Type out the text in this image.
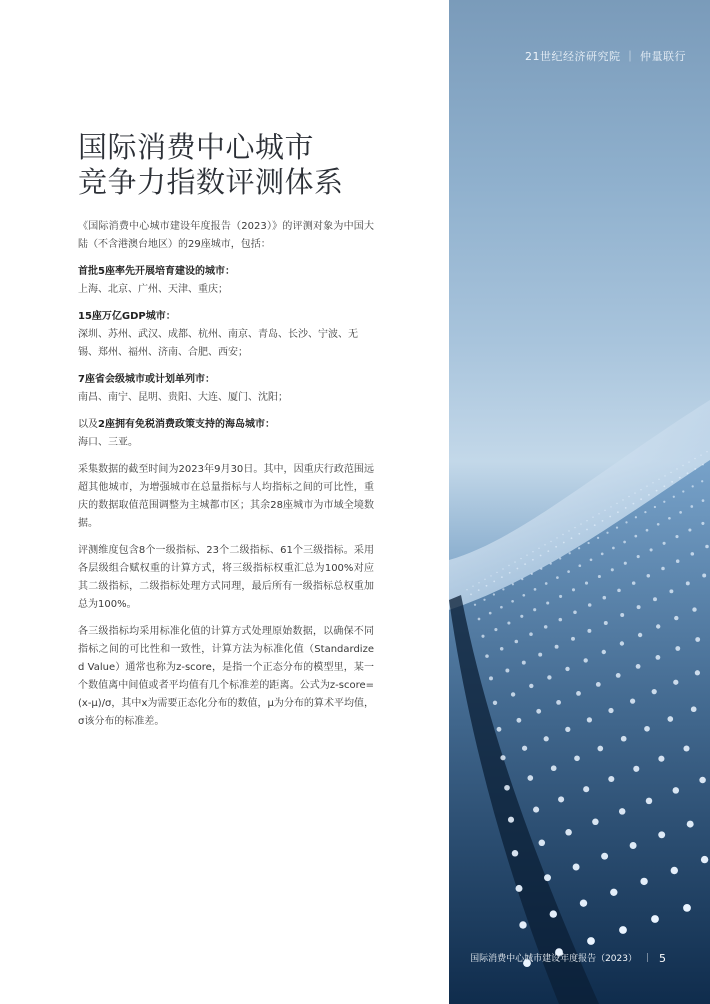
国际消费中心城市
竞争力指数评测体系

《国际消费中心城市建设年度报告（2023）》的评测对象为中国大陆（不含港澳台地区）的29座城市，包括：

首批5座率先开展培育建设的城市：
上海、北京、广州、天津、重庆；
15座万亿GDP城市：
深圳、苏州、武汉、成都、杭州、南京、青岛、长沙、宁波、无锡、郑州、福州、济南、合肥、西安；
7座省会级城市或计划单列市：
南昌、南宁、昆明、贵阳、大连、厦门、沈阳；
以及2座拥有免税消费政策支持的海岛城市：
海口、三亚。

采集数据的截至时间为2023年9月30日。其中，因重庆行政范围远超其他城市，为增强城市在总量指标与人均指标之间的可比性，重庆的数据取值范围调整为主城都市区；其余28座城市为市域全境数据。

评测维度包含8个一级指标、23个二级指标、61个三级指标。采用各层级组合赋权重的计算方式，将三级指标权重汇总为100%对应其二级指标，二级指标处理方式同理，最后所有一级指标总权重加总为100%。

各三级指标均采用标准化值的计算方式处理原始数据，以确保不同指标之间的可比性和一致性，计算方法为标准化值（Standardized Value）通常也称为z-score，是指一个正态分布的模型里，某一个数值离中间值或者平均值有几个标准差的距离。公式为z-score=(x-μ)/σ，其中x为需要正态化分布的数值，μ为分布的算术平均值，σ该分布的标准差。

21世纪经济研究院 ｜ 仲量联行
国际消费中心城市建设年度报告（2023） ｜ 5
